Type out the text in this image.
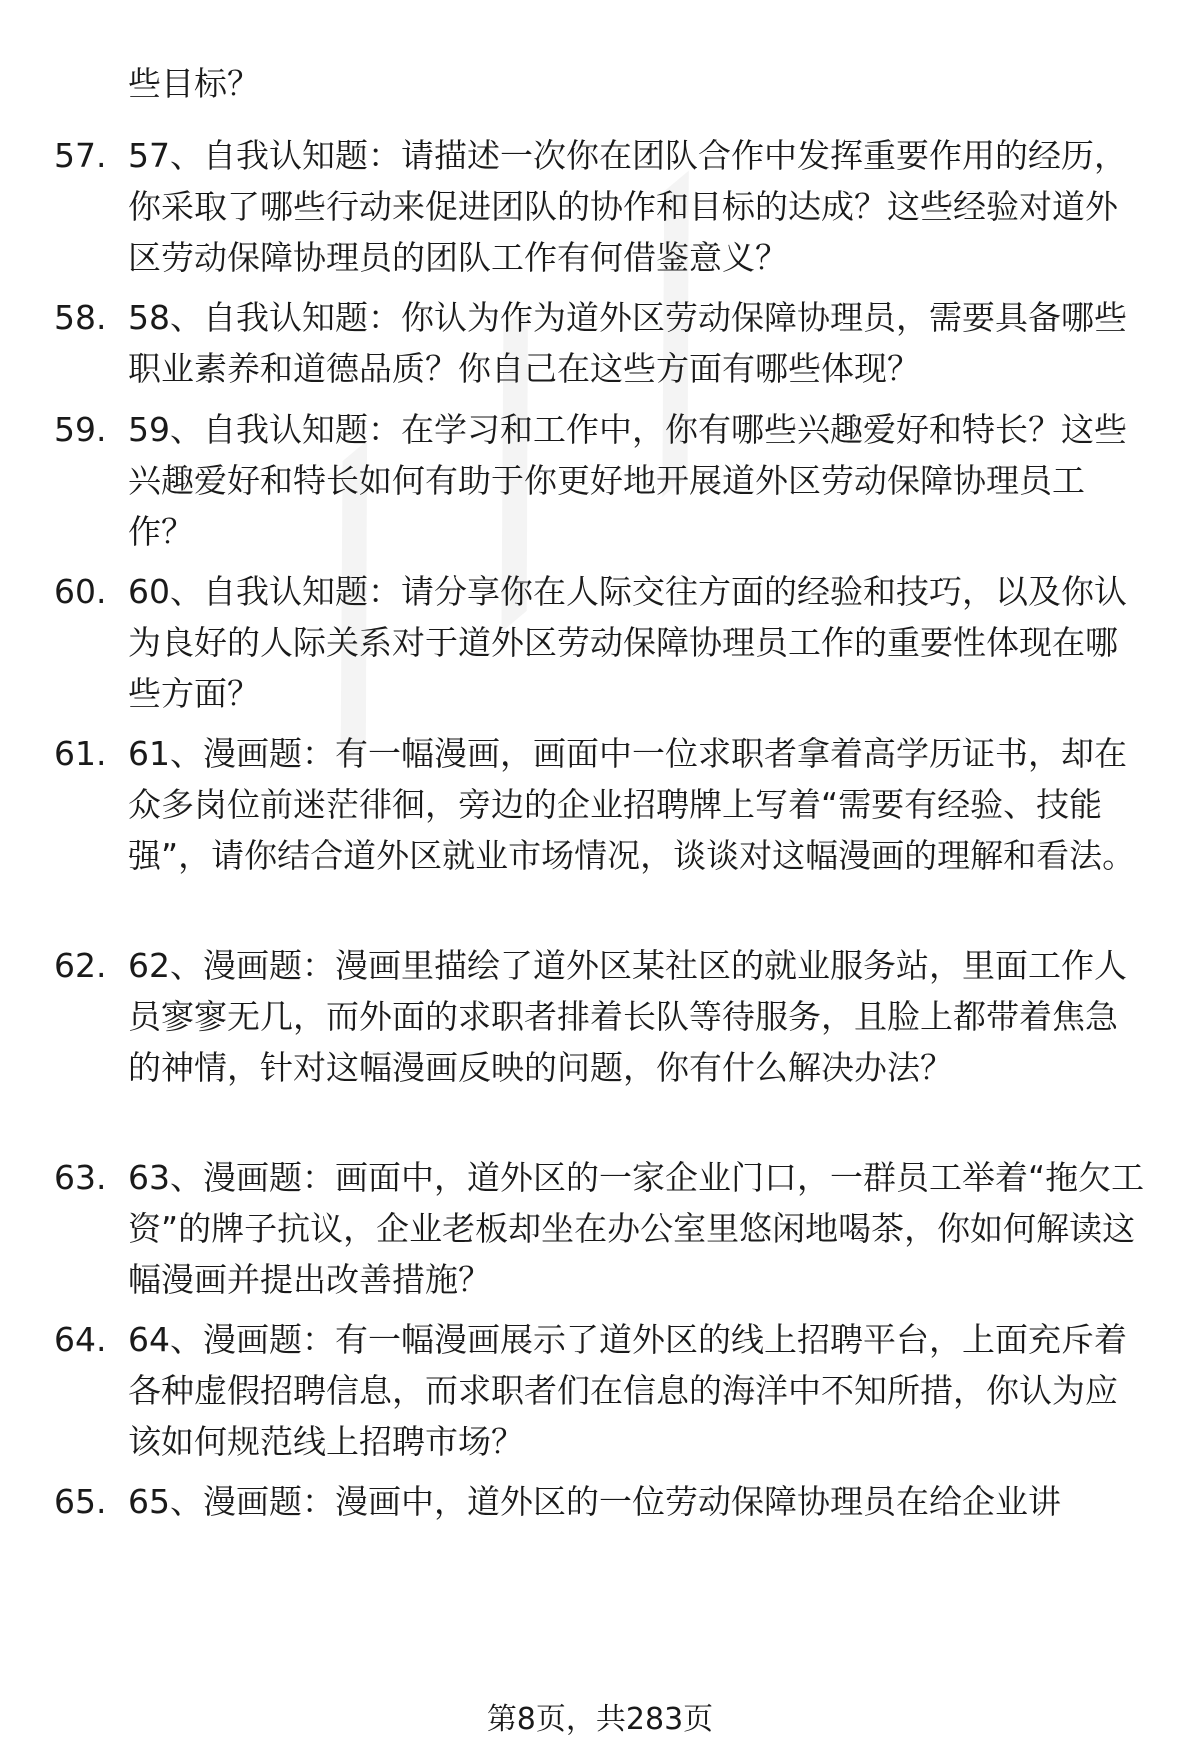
些目标？
57. 57、自我认知题：请描述一次你在团队合作中发挥重要作用的经历，你采取了哪些行动来促进团队的协作和目标的达成？这些经验对道外区劳动保障协理员的团队工作有何借鉴意义？
58. 58、自我认知题：你认为作为道外区劳动保障协理员，需要具备哪些职业素养和道德品质？你自己在这些方面有哪些体现？
59. 59、自我认知题：在学习和工作中，你有哪些兴趣爱好和特长？这些兴趣爱好和特长如何有助于你更好地开展道外区劳动保障协理员工作？
60. 60、自我认知题：请分享你在人际交往方面的经验和技巧，以及你认为良好的人际关系对于道外区劳动保障协理员工作的重要性体现在哪些方面？
61. 61、漫画题：有一幅漫画，画面中一位求职者拿着高学历证书，却在众多岗位前迷茫徘徊，旁边的企业招聘牌上写着“需要有经验、技能强”，请你结合道外区就业市场情况，谈谈对这幅漫画的理解和看法。
62. 62、漫画题：漫画里描绘了道外区某社区的就业服务站，里面工作人员寥寥无几，而外面的求职者排着长队等待服务，且脸上都带着焦急的神情，针对这幅漫画反映的问题，你有什么解决办法？
63. 63、漫画题：画面中，道外区的一家企业门口，一群员工举着“拖欠工资”的牌子抗议，企业老板却坐在办公室里悠闲地喝茶，你如何解读这幅漫画并提出改善措施？
64. 64、漫画题：有一幅漫画展示了道外区的线上招聘平台，上面充斥着各种虚假招聘信息，而求职者们在信息的海洋中不知所措，你认为应该如何规范线上招聘市场？
65. 65、漫画题：漫画中，道外区的一位劳动保障协理员在给企业讲
第8页，共283页
